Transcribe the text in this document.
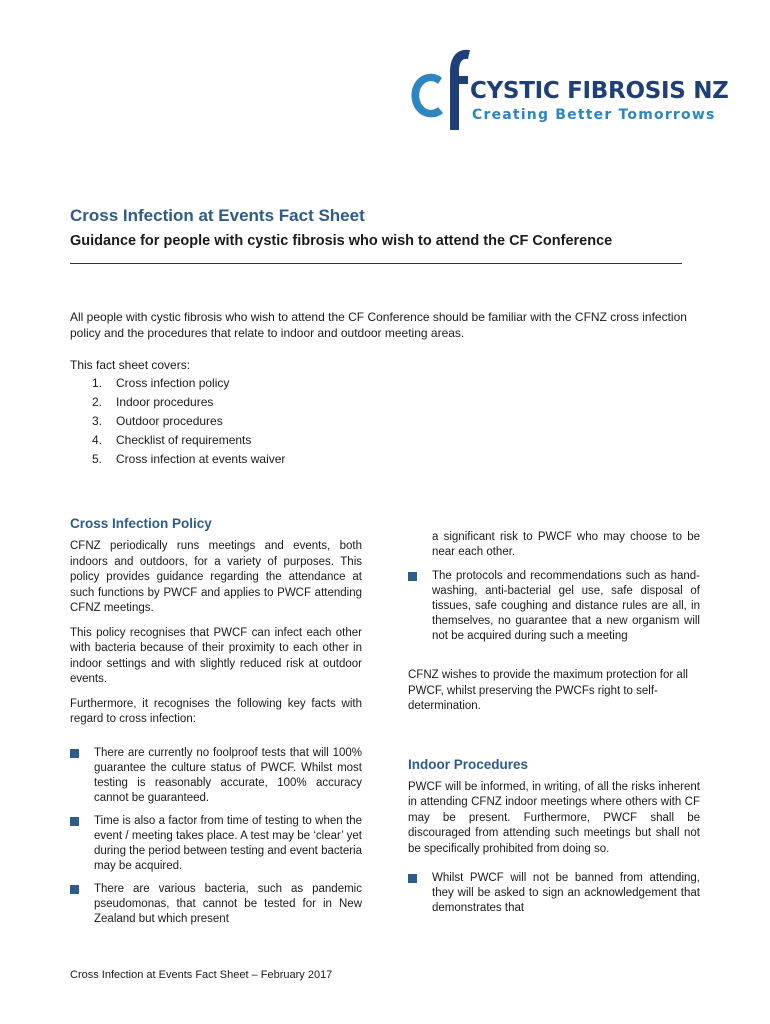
CYSTIC FIBROSIS NZ
Creating Better Tomorrows
Cross Infection at Events Fact Sheet
Guidance for people with cystic fibrosis who wish to attend the CF Conference

All people with cystic fibrosis who wish to attend the CF Conference should be familiar with the CFNZ cross infection policy and the procedures that relate to indoor and outdoor meeting areas.

This fact sheet covers:

1. Cross infection policy
2. Indoor procedures
3. Outdoor procedures
4. Checklist of requirements
5. Cross infection at events waiver
Cross Infection Policy

CFNZ periodically runs meetings and events, both indoors and outdoors, for a variety of purposes. This policy provides guidance regarding the attendance at such functions by PWCF and applies to PWCF attending CFNZ meetings.

This policy recognises that PWCF can infect each other with bacteria because of their proximity to each other in indoor settings and with slightly reduced risk at outdoor events.

Furthermore, it recognises the following key facts with regard to cross infection:

There are currently no foolproof tests that will 100% guarantee the culture status of PWCF. Whilst most testing is reasonably accurate, 100% accuracy cannot be guaranteed.
Time is also a factor from time of testing to when the event / meeting takes place. A test may be ‘clear’ yet during the period between testing and event bacteria may be acquired.
There are various bacteria, such as pandemic pseudomonas, that cannot be tested for in New Zealand but which present
a significant risk to PWCF who may choose to be near each other.
The protocols and recommendations such as hand-washing, anti-bacterial gel use, safe disposal of tissues, safe coughing and distance rules are all, in themselves, no guarantee that a new organism will not be acquired during such a meeting

CFNZ wishes to provide the maximum protection for all PWCF, whilst preserving the PWCFs right to self-determination.

Indoor Procedures

PWCF will be informed, in writing, of all the risks inherent in attending CFNZ indoor meetings where others with CF may be present. Furthermore, PWCF shall be discouraged from attending such meetings but shall not be specifically prohibited from doing so.

Whilst PWCF will not be banned from attending, they will be asked to sign an acknowledgement that demonstrates that
Cross Infection at Events Fact Sheet – February 2017
